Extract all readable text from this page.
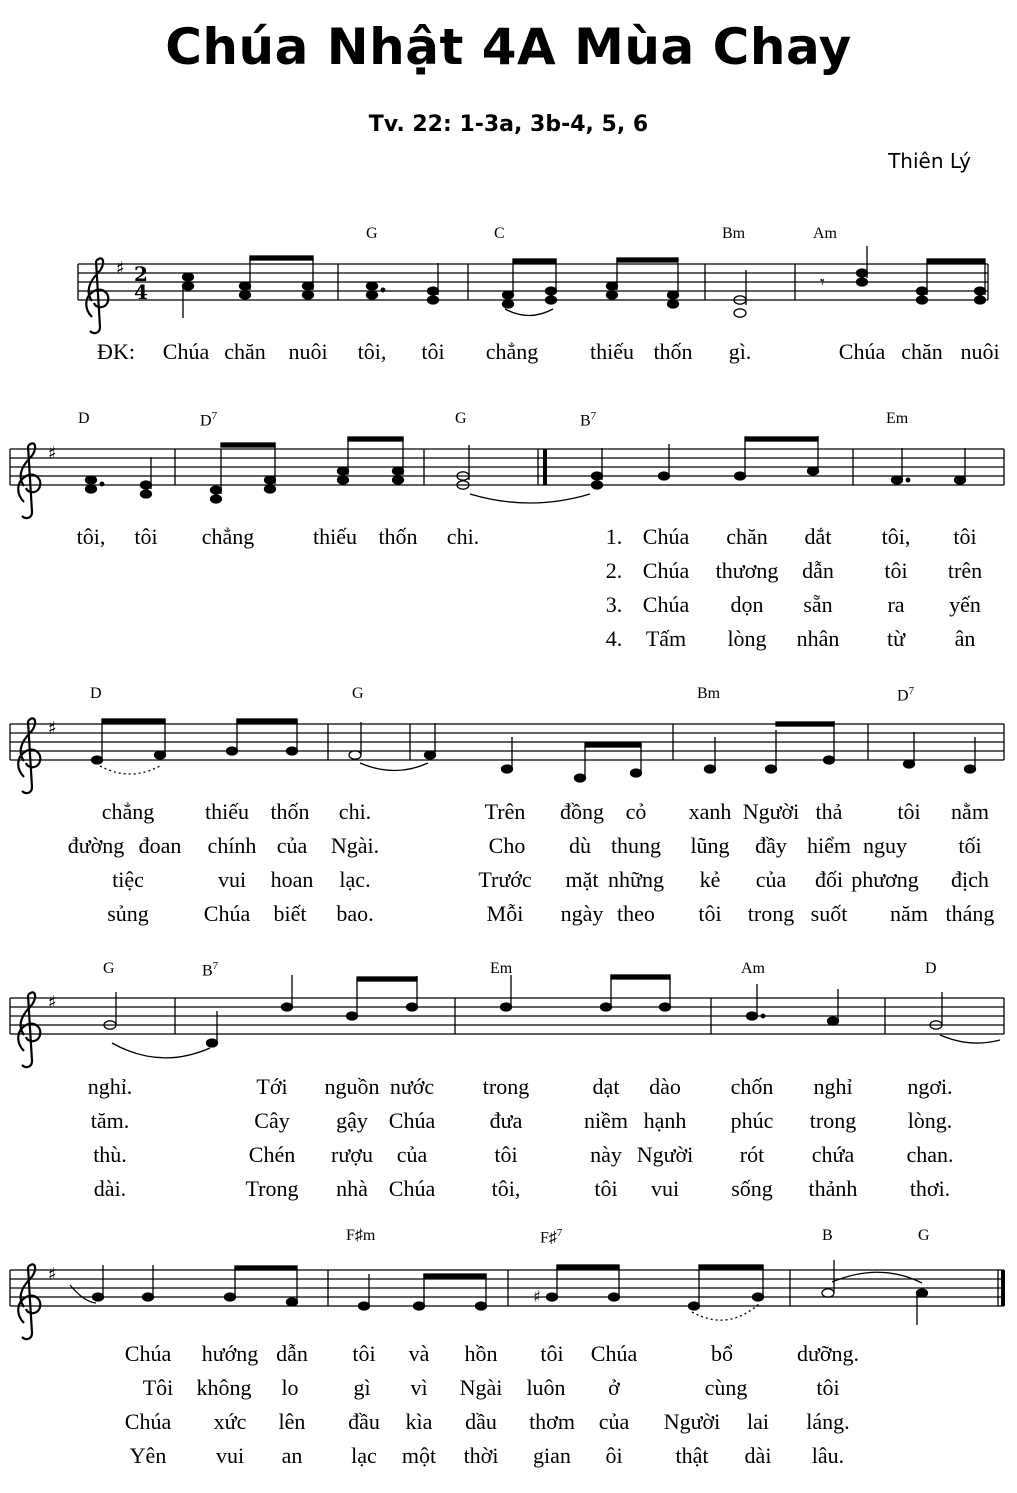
Chúa Nhật 4A Mùa Chay
Tv. 22: 1-3a, 3b-4, 5, 6
Thiên Lý
♯
♯
♯
♯
♯
2
4	𝄾
♯
G	C	Bm	Am
D	$D^7$	G	$B^7$	Em
D	G	Bm	$D^7$
G	$B^7$	Em	Am	D
F♯m	F♯$^7$	B	G
ĐK: Chúa chăn nuôi tôi, tôi chẳng thiếu thốn gì.	Chúa chăn nuôi
tôi, tôi chẳng	thiếu thốn chi.	1. Chúa chăn dắt tôi, tôi
2. Chúa thương dẫn tôi trên
3. Chúa dọn sẵn ra yến
4. Tấm lòng nhân từ ân
chẳng thiếu thốn chi.	Trên đồng cỏ xanh Người thả tôi nằm
đường đoan chính của Ngài.	Cho dù thung lũng đầy hiểm nguy tối
tiệc	vui hoan lạc.	Trước mặt những kẻ của đối phương địch
sủng Chúa biết bao.	Mỗi ngày theo tôi trong suốt năm tháng
nghỉ.	Tới nguồn nước trong	dạt dào chốn nghỉ ngơi.
tăm.	Cây gậy Chúa đưa	niềm hạnh phúc trong lòng.
thù.	Chén rượu của	tôi	này Người rót chứa chan.
dài.	Trong nhà Chúa	tôi,	tôi vui sống thảnh thơi.
Chúa hướng dẫn tôi và hồn tôi Chúa	bổ	dưỡng.
Tôi không lo gì vì Ngài luôn ở	cùng	tôi
Chúa xức lên đầu kìa dầu thơm của Người lai láng.
Yên vui an lạc một thời gian ôi thật dài lâu.
